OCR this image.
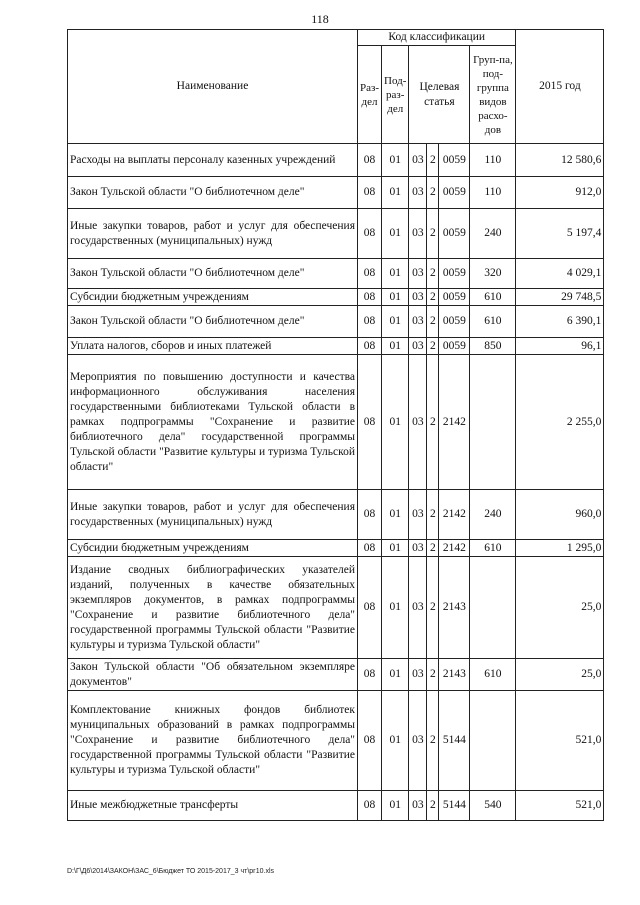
118
Наименование	Код классификации						2015 год
	Раз-дел	Под-раз-дел	Целевая статья			Груп-па, под-группа видов расхо-дов	
Расходы на выплаты персоналу казенных учреждений	08	01	03	2	0059	110	12 580,6
Закон Тульской области "О библиотечном деле"	08	01	03	2	0059	110	912,0
Иные закупки товаров, работ и услуг для обеспечения государственных (муниципальных) нужд	08	01	03	2	0059	240	5 197,4
Закон Тульской области "О библиотечном деле"	08	01	03	2	0059	320	4 029,1
Субсидии бюджетным учреждениям	08	01	03	2	0059	610	29 748,5
Закон Тульской области "О библиотечном деле"	08	01	03	2	0059	610	6 390,1
Уплата налогов, сборов и иных платежей	08	01	03	2	0059	850	96,1
Мероприятия по повышению доступности и качества информационного обслуживания населения государственными библиотеками Тульской области в рамках подпрограммы "Сохранение и развитие библиотечного дела" государственной программы Тульской области "Развитие культуры и туризма Тульской области"	08	01	03	2	2142		2 255,0
Иные закупки товаров, работ и услуг для обеспечения государственных (муниципальных) нужд	08	01	03	2	2142	240	960,0
Субсидии бюджетным учреждениям	08	01	03	2	2142	610	1 295,0
Издание сводных библиографических указателей изданий, полученных в качестве обязательных экземпляров документов, в рамках подпрограммы "Сохранение и развитие библиотечного дела" государственной программы Тульской области "Развитие культуры и туризма Тульской области"	08	01	03	2	2143		25,0
Закон Тульской области "Об обязательном экземпляре документов"	08	01	03	2	2143	610	25,0
Комплектование книжных фондов библиотек муниципальных образований в рамках подпрограммы "Сохранение и развитие библиотечного дела" государственной программы Тульской области "Развитие культуры и туризма Тульской области"	08	01	03	2	5144		521,0
Иные межбюджетные трансферты	08	01	03	2	5144	540	521,0
D:\Г\Д6\2014\ЗАКОН\ЗАС_6\Бюджет ТО 2015-2017_3 чт\рг10.xls
